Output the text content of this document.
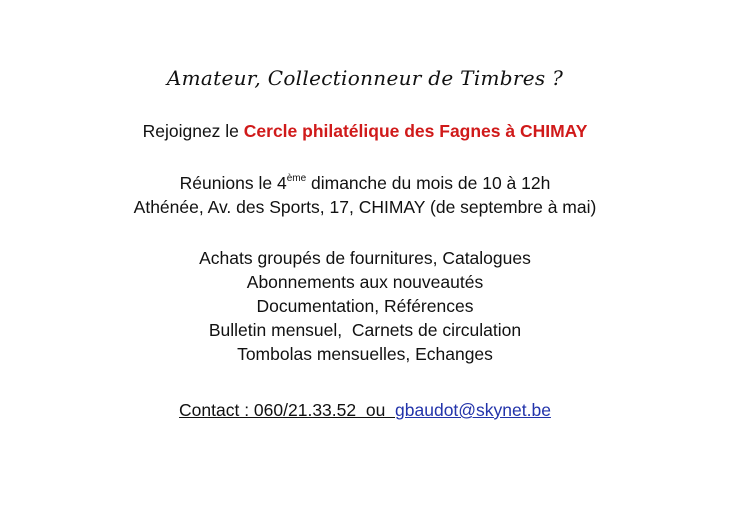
Amateur, Collectionneur de Timbres ?
Rejoignez le Cercle philatélique des Fagnes à CHIMAY
Réunions le 4ème dimanche du mois de 10 à 12h
Athénée, Av. des Sports, 17, CHIMAY (de septembre à mai)
Achats groupés de fournitures, Catalogues
Abonnements aux nouveautés
Documentation, Références
Bulletin mensuel,  Carnets de circulation
Tombolas mensuelles, Echanges
Contact : 060/21.33.52  ou  gbaudot@skynet.be
